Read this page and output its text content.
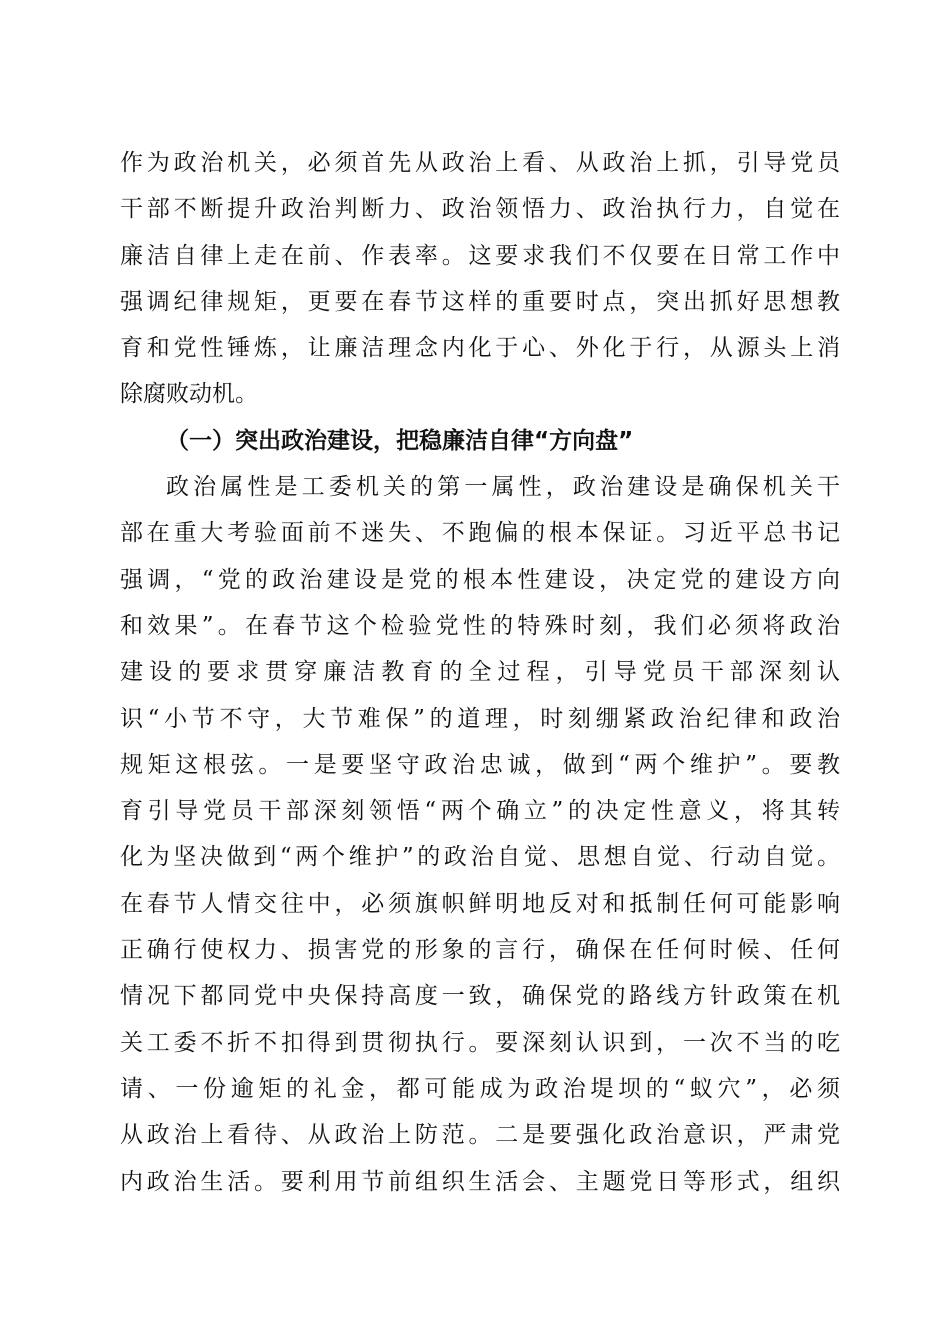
作为政治机关，必须首先从政治上看、从政治上抓，引导党员
干部不断提升政治判断力、政治领悟力、政治执行力，自觉在
廉洁自律上走在前、作表率。这要求我们不仅要在日常工作中
强调纪律规矩，更要在春节这样的重要时点，突出抓好思想教
育和党性锤炼，让廉洁理念内化于心、外化于行，从源头上消
除腐败动机。
（一）突出政治建设，把稳廉洁自律“方向盘”
政治属性是工委机关的第一属性，政治建设是确保机关干
部在重大考验面前不迷失、不跑偏的根本保证。习近平总书记
强调，“党的政治建设是党的根本性建设，决定党的建设方向
和效果”。在春节这个检验党性的特殊时刻，我们必须将政治
建设的要求贯穿廉洁教育的全过程，引导党员干部深刻认
识“小节不守，大节难保”的道理，时刻绷紧政治纪律和政治
规矩这根弦。一是要坚守政治忠诚，做到“两个维护”。要教
育引导党员干部深刻领悟“两个确立”的决定性意义，将其转
化为坚决做到“两个维护”的政治自觉、思想自觉、行动自觉。
在春节人情交往中，必须旗帜鲜明地反对和抵制任何可能影响
正确行使权力、损害党的形象的言行，确保在任何时候、任何
情况下都同党中央保持高度一致，确保党的路线方针政策在机
关工委不折不扣得到贯彻执行。要深刻认识到，一次不当的吃
请、一份逾矩的礼金，都可能成为政治堤坝的“蚁穴”，必须
从政治上看待、从政治上防范。二是要强化政治意识，严肃党
内政治生活。要利用节前组织生活会、主题党日等形式，组织
